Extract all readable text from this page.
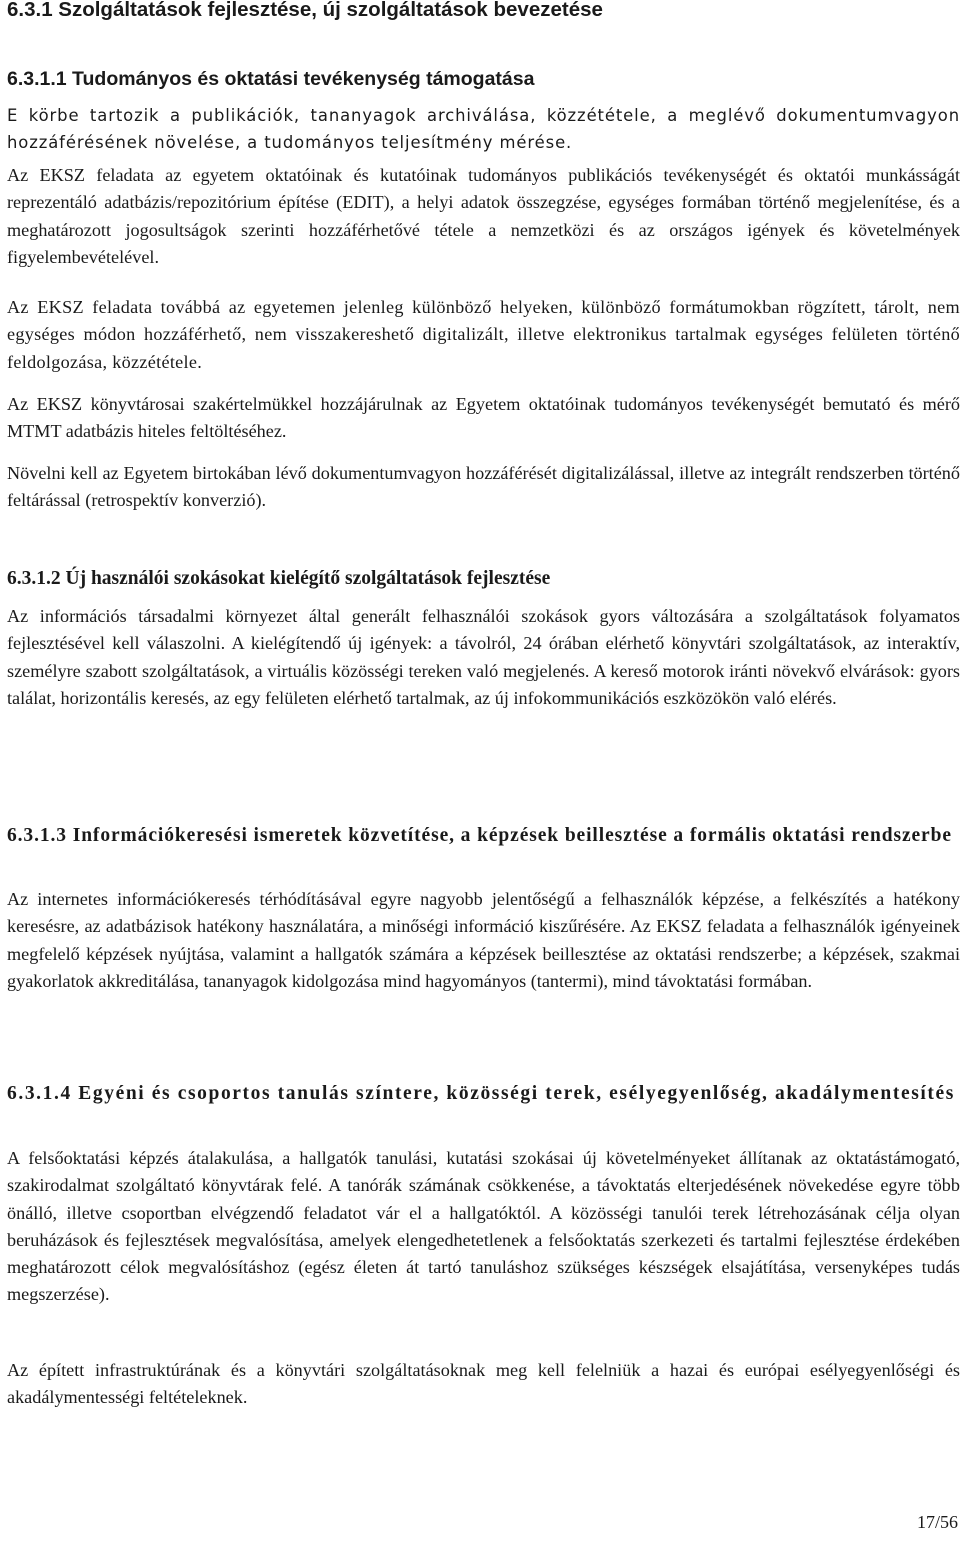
6.3.1 Szolgáltatások fejlesztése, új szolgáltatások bevezetése
6.3.1.1 Tudományos és oktatási tevékenység támogatása

E körbe tartozik a publikációk, tananyagok archiválása, közzététele, a meglévő dokumentumvagyon hozzáférésének növelése, a tudományos teljesítmény mérése.

Az EKSZ feladata az egyetem oktatóinak és kutatóinak tudományos publikációs tevékenységét és oktatói munkásságát reprezentáló adatbázis/repozitórium építése (EDIT), a helyi adatok összegzése, egységes formában történő megjelenítése, és a meghatározott jogosultságok szerinti hozzáférhetővé tétele a nemzetközi és az országos igények és követelmények figyelembevételével.

Az EKSZ feladata továbbá az egyetemen jelenleg különböző helyeken, különböző formátumokban rögzített, tárolt, nem egységes módon hozzáférhető, nem visszakereshető digitalizált, illetve elektronikus tartalmak egységes felületen történő feldolgozása, közzététele.

Az EKSZ könyvtárosai szakértelmükkel hozzájárulnak az Egyetem oktatóinak tudományos tevékenységét bemutató és mérő MTMT adatbázis hiteles feltöltéséhez.

Növelni kell az Egyetem birtokában lévő dokumentumvagyon hozzáférését digitalizálással, illetve az integrált rendszerben történő feltárással (retrospektív konverzió).

6.3.1.2 Új használói szokásokat kielégítő szolgáltatások fejlesztése

Az információs társadalmi környezet által generált felhasználói szokások gyors változására a szolgáltatások folyamatos fejlesztésével kell válaszolni. A kielégítendő új igények: a távolról, 24 órában elérhető könyvtári szolgáltatások, az interaktív, személyre szabott szolgáltatások, a virtuális közösségi tereken való megjelenés. A kereső motorok iránti növekvő elvárások: gyors találat, horizontális keresés, az egy felületen elérhető tartalmak, az új infokommunikációs eszközökön való elérés.

6.3.1.3 Információkeresési ismeretek közvetítése, a képzések beillesztése a formális oktatási rendszerbe

Az internetes információkeresés térhódításával egyre nagyobb jelentőségű a felhasználók képzése, a felkészítés a hatékony keresésre, az adatbázisok hatékony használatára, a minőségi információ kiszűrésére. Az EKSZ feladata a felhasználók igényeinek megfelelő képzések nyújtása, valamint a hallgatók számára a képzések beillesztése az oktatási rendszerbe; a képzések, szakmai gyakorlatok akkreditálása, tananyagok kidolgozása mind hagyományos (tantermi), mind távoktatási formában.

6.3.1.4 Egyéni és csoportos tanulás színtere, közösségi terek, esélyegyenlőség, akadálymentesítés

A felsőoktatási képzés átalakulása, a hallgatók tanulási, kutatási szokásai új követelményeket állítanak az oktatástámogató, szakirodalmat szolgáltató könyvtárak felé. A tanórák számának csökkenése, a távoktatás elterjedésének növekedése egyre több önálló, illetve csoportban elvégzendő feladatot vár el a hallgatóktól. A közösségi tanulói terek létrehozásának célja olyan beruházások és fejlesztések megvalósítása, amelyek elengedhetetlenek a felsőoktatás szerkezeti és tartalmi fejlesztése érdekében meghatározott célok megvalósításhoz (egész életen át tartó tanuláshoz szükséges készségek elsajátítása, versenyképes tudás megszerzése).

Az épített infrastruktúrának és a könyvtári szolgáltatásoknak meg kell felelniük a hazai és európai esélyegyenlőségi és akadálymentességi feltételeknek.

17/56
